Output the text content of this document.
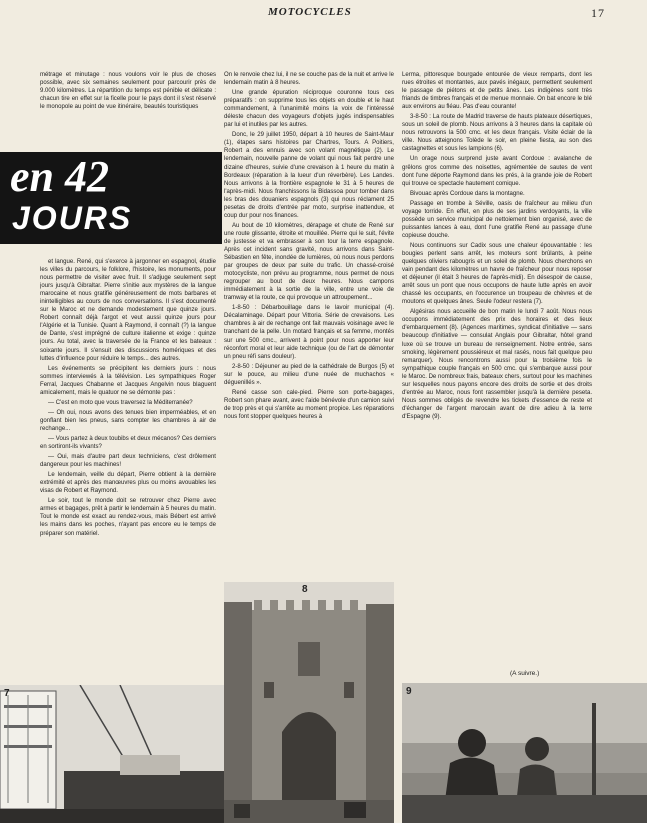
MOTOCYCLES	17

métrage et minutage : nous voulons voir le plus de choses possible, avec six semaines seulement pour parcourir près de 9.000 kilomètres. La répartition du temps est pénible et délicate : chacun tire en effet sur la ficelle pour le pays dont il s'est réservé le monopole au point de vue itinéraire, beautés touristiques

en 42
JOURS

et langue. René, qui s'exerce à jargonner en espagnol, étudie les villes du parcours, le folklore, l'histoire, les monuments, pour nous permettre de visiter avec fruit. Il s'adjuge seulement sept jours jusqu'à Gibraltar. Pierre s'initie aux mystères de la langue marocaine et nous gratifie généreusement de mots barbares et inintelligibles au cours de nos conversations. Il s'est documenté sur le Maroc et ne demande modestement que quinze jours. Robert connaît déjà l'argot et veut aussi quinze jours pour l'Algérie et la Tunisie. Quant à Raymond, il connaît (?) la langue de Dante, s'est imprégné de culture italienne et exige : quinze jours. Au total, avec la traversée de la France et les bateaux : soixante jours. Il s'ensuit des discussions homériques et des luttes d'influence pour réduire le temps... des autres.

Les événements se précipitent les derniers jours : nous sommes interviewés à la télévision. Les sympathiques Roger Ferral, Jacques Chabanne et Jacques Angelvin nous blaguent amicalement, mais le quatuor ne se démonte pas :

— C'est en moto que vous traversez la Méditerranée?

— Oh oui, nous avons des tenues bien imperméables, et en gonflant bien les pneus, sans compter les chambres à air de rechange...

— Vous partez à deux toubibs et deux mécanos? Ces derniers en sortiront-ils vivants?

— Oui, mais d'autre part deux techniciens, c'est drôlement dangereux pour les machines!

Le lendemain, veille du départ, Pierre obtient à la dernière extrémité et après des manœuvres plus ou moins avouables les visas de Robert et Raymond.

Le soir, tout le monde doit se retrouver chez Pierre avec armes et bagages, prêt à partir le lendemain à 5 heures du matin. Tout le monde est exact au rendez-vous, mais Bébert est arrivé les mains dans les poches, n'ayant pas encore eu le temps de préparer son matériel.

On le renvoie chez lui, il ne se couche pas de la nuit et arrive le lendemain matin à 8 heures.

Une grande épuration réciproque couronne tous ces préparatifs : on supprime tous les objets en double et le haut commandement, à l'unanimité moins la voix de l'intéressé déleste chacun des voyageurs d'objets jugés indispensables par lui et inutiles par les autres.

Donc, le 29 juillet 1950, départ à 10 heures de Saint-Maur (1), étapes sans histoires par Chartres, Tours. A Poitiers, Robert a des ennuis avec son volant magnétique (2). Le lendemain, nouvelle panne de volant qui nous fait perdre une dizaine d'heures, suivie d'une crevaison à 1 heure du matin à Bordeaux (réparation à la lueur d'un réverbère). Les Landes. Nous arrivons à la frontière espagnole le 31 à 5 heures de l'après-midi. Nous franchissons la Bidassoa pour tomber dans les bras des douaniers espagnols (3) qui nous réclament 25 pesetas de droits d'entrée par moto, surprise inattendue, et coup dur pour nos finances.

Au bout de 10 kilomètres, dérapage et chute de René sur une route glissante, étroite et mouillée. Pierre qui le suit, l'évite de justesse et va embrasser à son tour la terre espagnole. Après cet incident sans gravité, nous arrivons dans Saint-Sébastien en fête, inondée de lumières, où nous nous perdons par groupes de deux par suite du trafic. Un chassé-croisé motocycliste, non prévu au programme, nous permet de nous regrouper au bout de deux heures. Nous campons immédiatement à la sortie de la ville, entre une voie de tramway et la route, ce qui provoque un attroupement...

1-8-50 : Débarbouillage dans le lavoir municipal (4). Décalaminage. Départ pour Vittoria. Série de crevaisons. Les chambres à air de rechange ont fait mauvais voisinage avec le tranchant de la pelle. Un motard français et sa femme, montés sur une 500 cmc., arrivent à point pour nous apporter leur réconfort moral et leur aide technique (ou de l'art de démonter un pneu réfi sans douleur).

2-8-50 : Déjeuner au pied de la cathédrale de Burgos (5) et sur le pouce, au milieu d'une nuée de muchachos « déguenillés ».

René casse son cale-pied. Pierre son porte-bagages, Robert son phare avant, avec l'aide bénévole d'un camion suivi de trop près et qui s'arrête au moment propice. Les réparations nous font stopper quelques heures à

Lerma, pittoresque bourgade entourée de vieux remparts, dont les rues étroites et montantes, aux pavés inégaux, permettent seulement le passage de piétons et de petits ânes. Les indigènes sont très friands de timbres français et de menue monnaie. On bat encore le blé aux environs au fléau. Pas d'eau courante!

3-8-50 : La route de Madrid traverse de hauts plateaux désertiques, sous un soleil de plomb. Nous arrivons à 3 heures dans la capitale où nous retrouvons la 500 cmc. et les deux français. Visite éclair de la ville. Nous atteignons Tolède le soir, en pleine fiesta, au son des castagnettes et sous les lampions (6).

Un orage nous surprend juste avant Cordoue : avalanche de grêlons gros comme des noisettes, agrémentée de sautes de vent dont l'une déporte Raymond dans les prés, à la grande joie de Robert qui trouve ce spectacle hautement comique.

Bivouac après Cordoue dans la montagne.

Passage en trombe à Séville, oasis de fraîcheur au milieu d'un voyage torride. En effet, en plus de ses jardins verdoyants, la ville possède un service municipal de nettoiement bien organisé, avec de puissantes lances à eau, dont l'une gratifie René au passage d'une copieuse douche.

Nous continuons sur Cadix sous une chaleur épouvantable : les bougies perlent sans arrêt, les moteurs sont brûlants, à peine quelques oliviers rabougris et un soleil de plomb. Nous cherchons en vain pendant des kilomètres un havre de fraîcheur pour nous reposer et déjeuner (il était 3 heures de l'après-midi). En désespoir de cause, arrêt sous un pont que nous occupons de haute lutte après en avoir chassé les occupants, en l'occurence un troupeau de chèvres et de moutons et quelques ânes. Seule l'odeur restera (7).

Algésiras nous accueille de bon matin le lundi 7 août. Nous nous occupons immédiatement des prix des horaires et des lieux d'embarquement (8). (Agences maritimes, syndicat d'initiative — sans beaucoup d'initiative — consulat Anglais pour Gibraltar, hôtel grand luxe où se trouve un bureau de renseignement. Notre entrée, sans smoking, légèrement poussiéreux et mal rasés, nous fait quelque peu remarquer). Nous rencontrons aussi pour la troisième fois le sympathique couple français en 500 cmc. qui s'embarque aussi pour le Maroc. De nombreux frais, bateaux chers, surtout pour les machines sur lesquelles nous payons encore des droits de sortie et des droits d'entrée au Maroc, nous font rassembler jusqu'à la dernière peseta. Nous sommes obligés de revendre les tickets d'essence de reste et d'échanger de l'argent marocain avant de dire adieu à la terre d'Espagne (9).

(A suivre.)
8
7	9
